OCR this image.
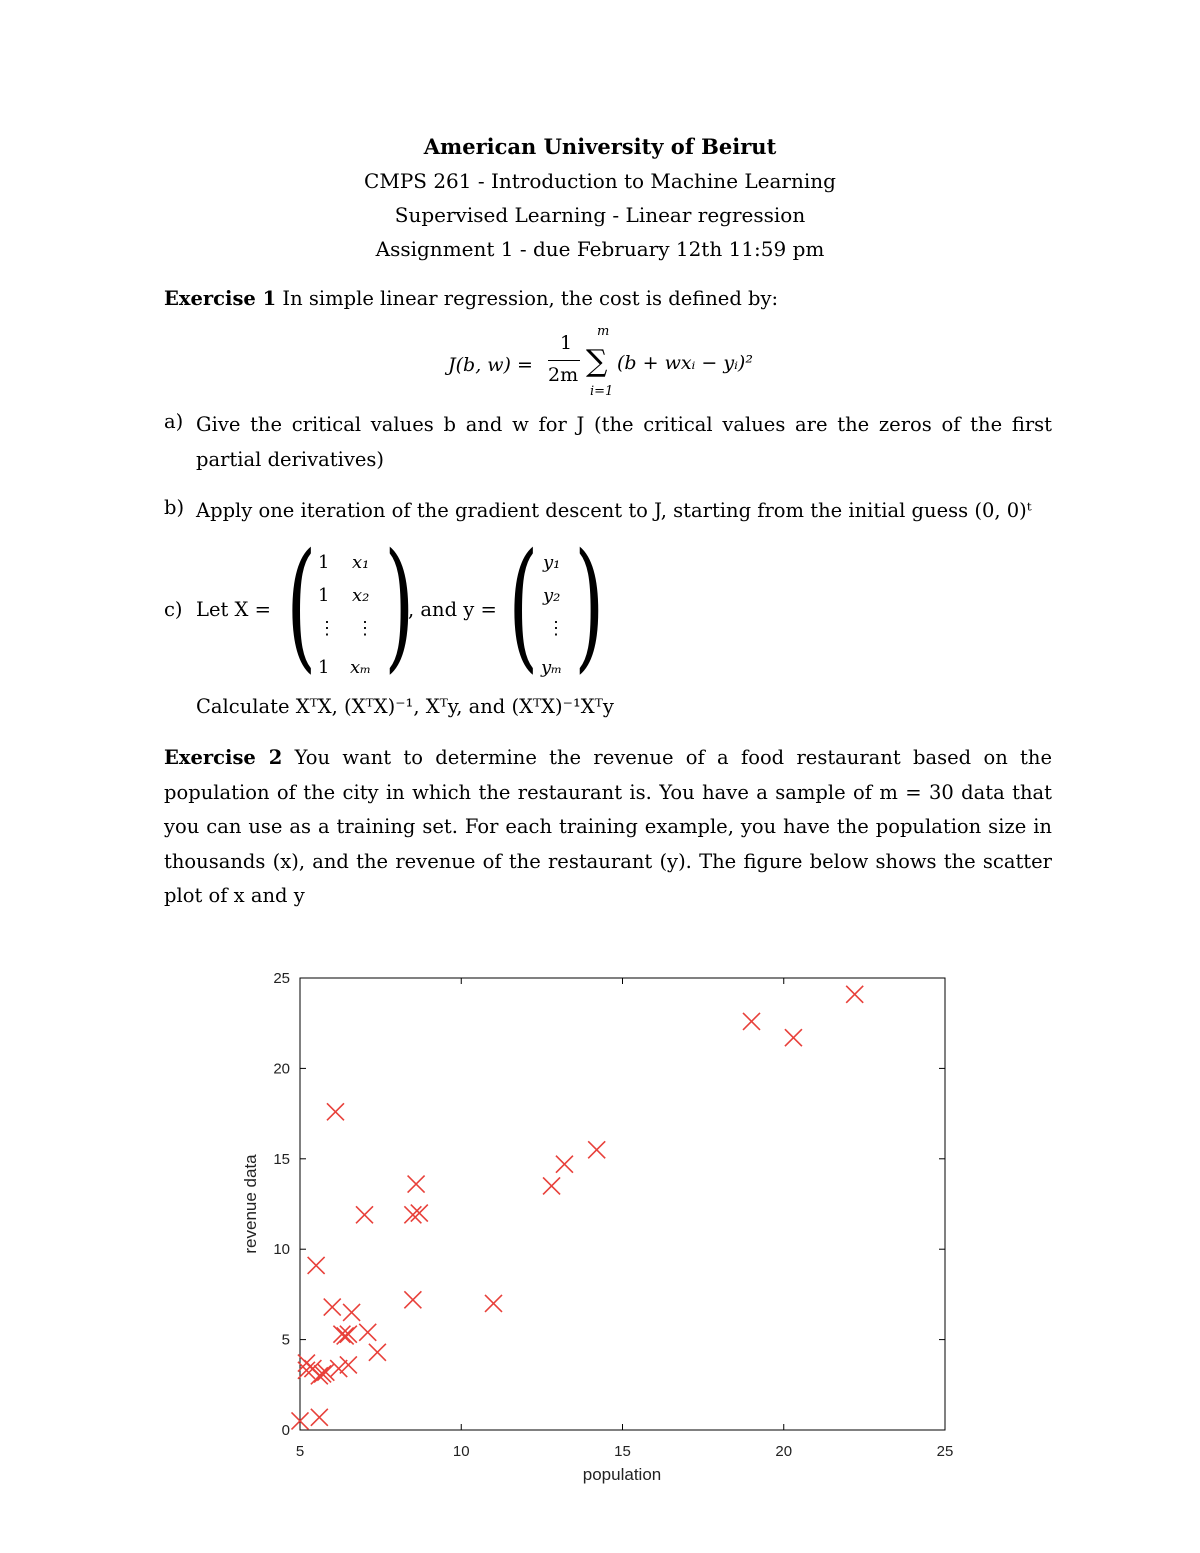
American University of Beirut
CMPS 261 - Introduction to Machine Learning
Supervised Learning - Linear regression
Assignment 1 - due February 12th 11:59 pm
Exercise 1 In simple linear regression, the cost is defined by:
J(b, w) =
1
2m
m
∑
i=1
(b + wxᵢ − yᵢ)²
a) Give the critical values b and w for J (the critical values are the zeros of the first partial derivatives)
b) Apply one iteration of the gradient descent to J, starting from the initial guess (0, 0)ᵗ
c) Let X = ( )
1 x₁
1 x₂
⋮ ⋮
1 xₘ
, and y = ( )
y₁
y₂
⋮
yₘ
Calculate XᵀX, (XᵀX)⁻¹, Xᵀy, and (XᵀX)⁻¹Xᵀy
Exercise 2 You want to determine the revenue of a food restaurant based on the population of the city in which the restaurant is. You have a sample of m = 30 data that you can use as a training set. For each training example, you have the population size in thousands (x), and the revenue of the restaurant (y). The figure below shows the scatter plot of x and y
5	10	15	20	25
0
5
10
15
20
25
population
revenue data
